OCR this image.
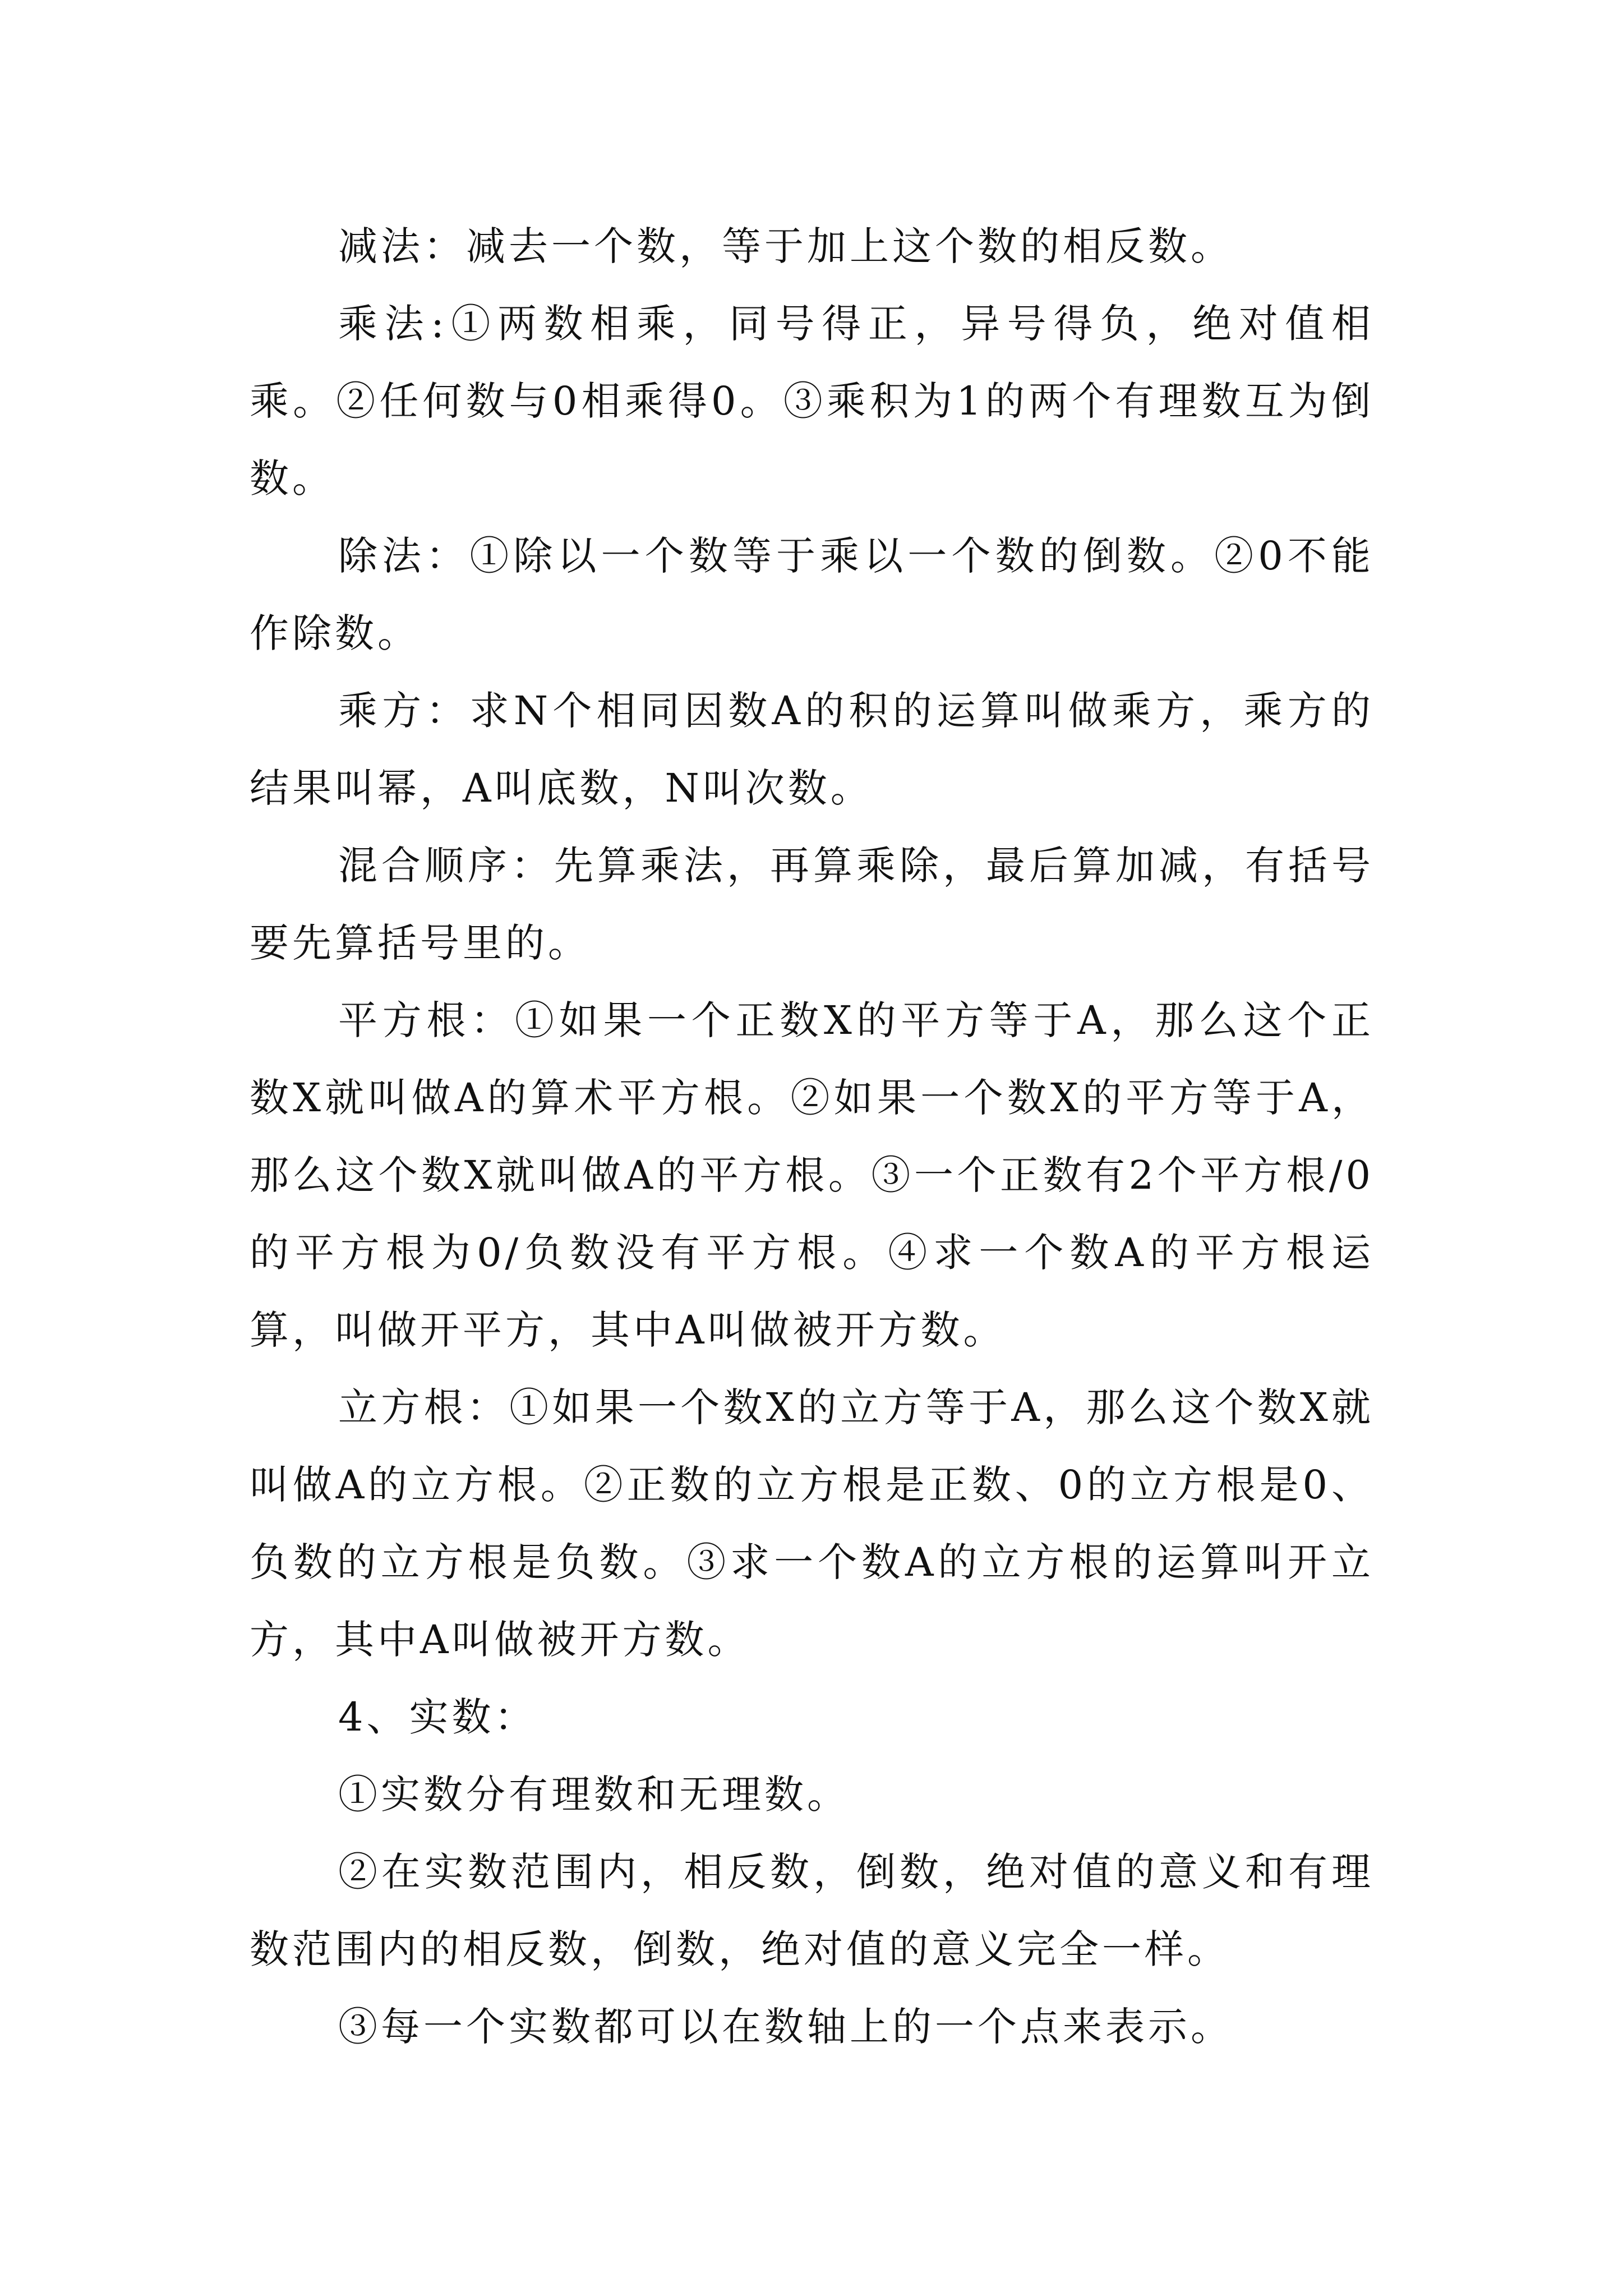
减法：减去一个数，等于加上这个数的相反数。

乘法:①两数相乘，同号得正，异号得负，绝对值相乘。②任何数与0相乘得0。③乘积为1的两个有理数互为倒数。

除法：①除以一个数等于乘以一个数的倒数。②0不能作除数。

乘方：求N个相同因数A的积的运算叫做乘方，乘方的结果叫幂，A叫底数，N叫次数。

混合顺序：先算乘法，再算乘除，最后算加减，有括号要先算括号里的。

平方根：①如果一个正数X的平方等于A，那么这个正数X就叫做A的算术平方根。②如果一个数X的平方等于A，那么这个数X就叫做A的平方根。③一个正数有2个平方根/0的平方根为0/负数没有平方根。④求一个数A的平方根运算，叫做开平方，其中A叫做被开方数。

立方根：①如果一个数X的立方等于A，那么这个数X就叫做A的立方根。②正数的立方根是正数、0的立方根是0、负数的立方根是负数。③求一个数A的立方根的运算叫开立方，其中A叫做被开方数。

4、实数：

①实数分有理数和无理数。

②在实数范围内，相反数，倒数，绝对值的意义和有理数范围内的相反数，倒数，绝对值的意义完全一样。

③每一个实数都可以在数轴上的一个点来表示。
